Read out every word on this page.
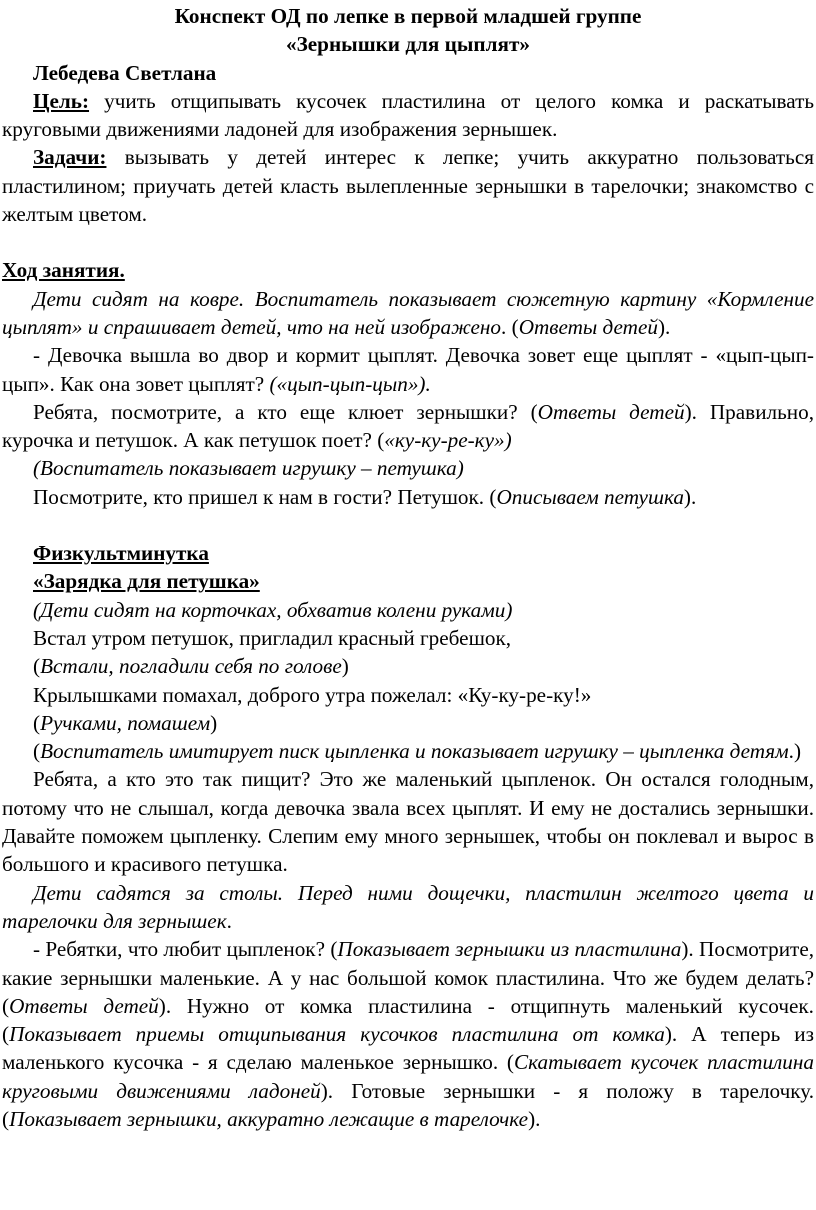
Конспект ОД по лепке в первой младшей группе

«Зернышки для цыплят»

Лебедева Светлана

Цель: учить отщипывать кусочек пластилина от целого комка и раскатывать круговыми движениями ладоней для изображения зернышек.

Задачи: вызывать у детей интерес к лепке; учить аккуратно пользоваться пластилином; приучать детей класть вылепленные зернышки в тарелочки; знакомство с желтым цветом.

Ход занятия.

Дети сидят на ковре. Воспитатель показывает сюжетную картину «Кормление цыплят» и спрашивает детей, что на ней изображено. (Ответы детей).

- Девочка вышла во двор и кормит цыплят. Девочка зовет еще цыплят - «цып-цып-цып». Как она зовет цыплят? («цып-цып-цып»).

Ребята, посмотрите, а кто еще клюет зернышки? (Ответы детей). Правильно, курочка и петушок. А как петушок поет? («ку-ку-ре-ку»)

(Воспитатель показывает игрушку – петушка)

Посмотрите, кто пришел к нам в гости? Петушок. (Описываем петушка).

Физкультминутка

«Зарядка для петушка»

(Дети сидят на корточках, обхватив колени руками)

Встал утром петушок, пригладил красный гребешок,

(Встали, погладили себя по голове)

Крылышками помахал, доброго утра пожелал: «Ку-ку-ре-ку!»

(Ручками, помашем)

(Воспитатель имитирует писк цыпленка и показывает игрушку – цыпленка детям.)

Ребята, а кто это так пищит? Это же маленький цыпленок. Он остался голодным, потому что не слышал, когда девочка звала всех цыплят. И ему не достались зернышки. Давайте поможем цыпленку. Слепим ему много зернышек, чтобы он поклевал и вырос в большого и красивого петушка.

Дети садятся за столы. Перед ними дощечки, пластилин желтого цвета и тарелочки для зернышек.

- Ребятки, что любит цыпленок? (Показывает зернышки из пластилина). Посмотрите, какие зернышки маленькие. А у нас большой комок пластилина. Что же будем делать? (Ответы детей). Нужно от комка пластилина - отщипнуть маленький кусочек. (Показывает приемы отщипывания кусочков пластилина от комка). А теперь из маленького кусочка - я сделаю маленькое зернышко. (Скатывает кусочек пластилина круговыми движениями ладоней). Готовые зернышки - я положу в тарелочку. (Показывает зернышки, аккуратно лежащие в тарелочке).
